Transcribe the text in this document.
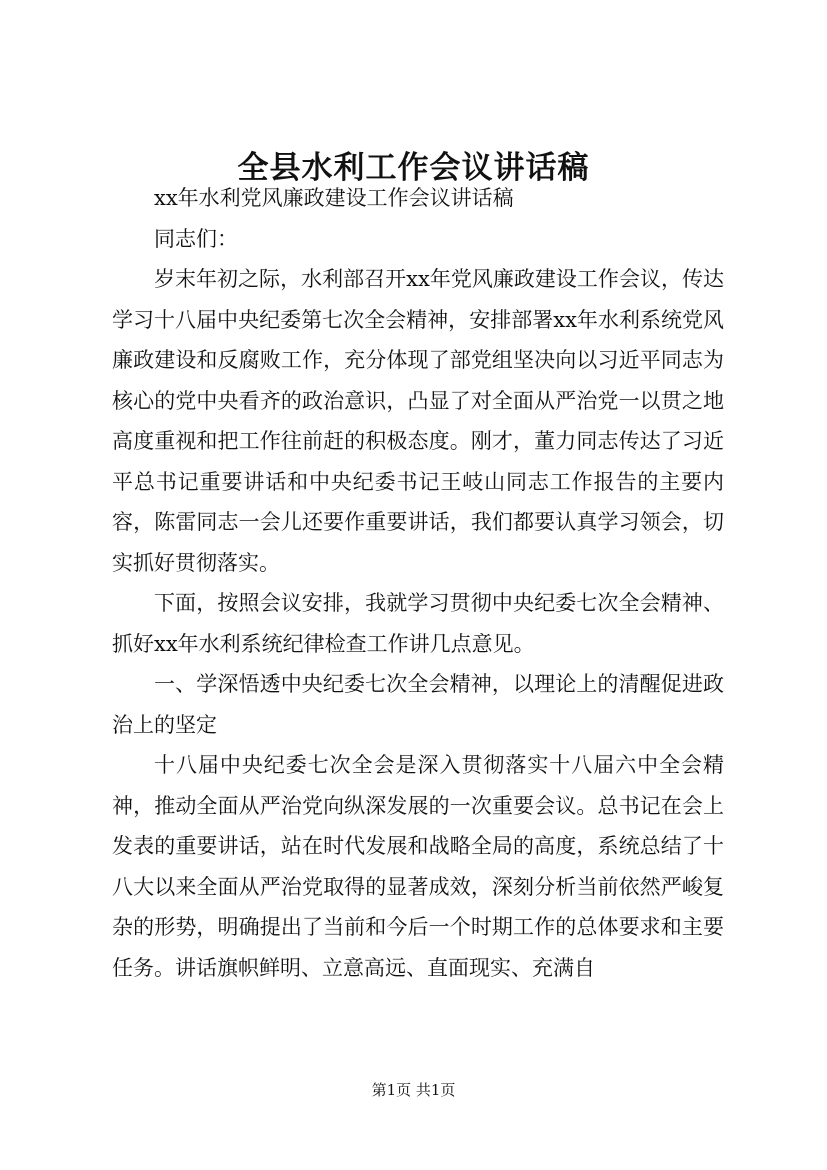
全县水利工作会议讲话稿

xx年水利党风廉政建设工作会议讲话稿

同志们：

岁末年初之际，水利部召开xx年党风廉政建设工作会议，传达学习十八届中央纪委第七次全会精神，安排部署xx年水利系统党风廉政建设和反腐败工作，充分体现了部党组坚决向以习近平同志为核心的党中央看齐的政治意识，凸显了对全面从严治党一以贯之地高度重视和把工作往前赶的积极态度。刚才，董力同志传达了习近平总书记重要讲话和中央纪委书记王岐山同志工作报告的主要内容，陈雷同志一会儿还要作重要讲话，我们都要认真学习领会，切实抓好贯彻落实。

下面，按照会议安排，我就学习贯彻中央纪委七次全会精神、抓好xx年水利系统纪律检查工作讲几点意见。

一、学深悟透中央纪委七次全会精神，以理论上的清醒促进政治上的坚定

十八届中央纪委七次全会是深入贯彻落实十八届六中全会精神，推动全面从严治党向纵深发展的一次重要会议。总书记在会上发表的重要讲话，站在时代发展和战略全局的高度，系统总结了十八大以来全面从严治党取得的显著成效，深刻分析当前依然严峻复杂的形势，明确提出了当前和今后一个时期工作的总体要求和主要任务。讲话旗帜鲜明、立意高远、直面现实、充满自

第1页 共1页
